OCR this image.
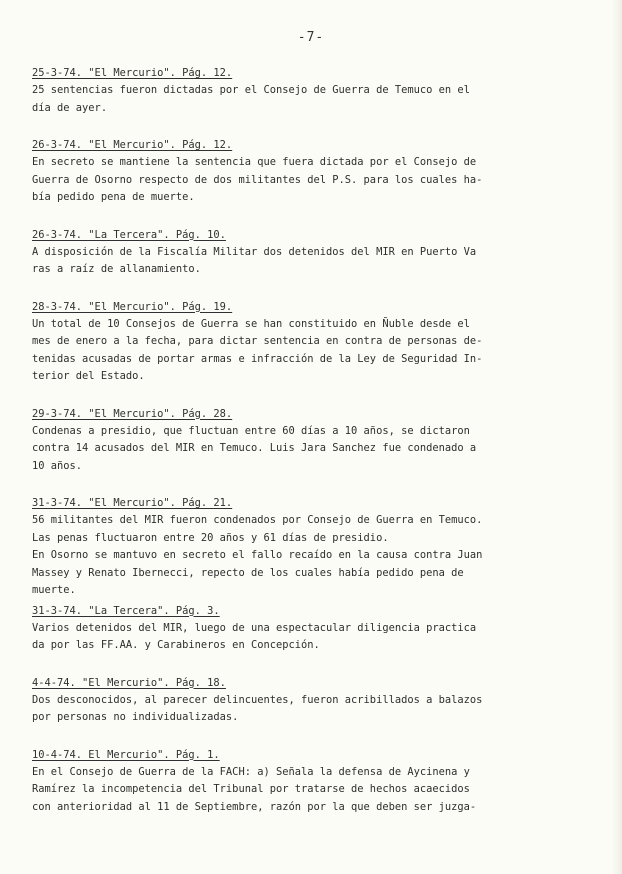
-7-
25-3-74. "El Mercurio". Pág. 12.
25 sentencias fueron dictadas por el Consejo de Guerra de Temuco en el
día de ayer.
26-3-74. "El Mercurio". Pág. 12.
En secreto se mantiene la sentencia que fuera dictada por el Consejo de
Guerra de Osorno respecto de dos militantes del P.S. para los cuales ha-
bía pedido pena de muerte.
26-3-74. "La Tercera". Pág. 10.
A disposición de la Fiscalía Militar dos detenidos del MIR en Puerto Va
ras a raíz de allanamiento.
28-3-74. "El Mercurio". Pág. 19.
Un total de 10 Consejos de Guerra se han constituido en Ñuble desde el
mes de enero a la fecha, para dictar sentencia en contra de personas de-
tenidas acusadas de portar armas e infracción de la Ley de Seguridad In-
terior del Estado.
29-3-74. "El Mercurio". Pág. 28.
Condenas a presidio, que fluctuan entre 60 días a 10 años, se dictaron
contra 14 acusados del MIR en Temuco. Luis Jara Sanchez fue condenado a
10 años.
31-3-74. "El Mercurio". Pág. 21.
56 militantes del MIR fueron condenados por Consejo de Guerra en Temuco.
Las penas fluctuaron entre 20 años y 61 días de presidio.
En Osorno se mantuvo en secreto el fallo recaído en la causa contra Juan
Massey y Renato Ibernecci, repecto de los cuales había pedido pena de
muerte.
31-3-74. "La Tercera". Pág. 3.
Varios detenidos del MIR, luego de una espectacular diligencia practica
da por las FF.AA. y Carabineros en Concepción.
4-4-74. "El Mercurio". Pág. 18.
Dos desconocidos, al parecer delincuentes, fueron acribillados a balazos
por personas no individualizadas.
10-4-74. El Mercurio". Pág. 1.
En el Consejo de Guerra de la FACH: a) Señala la defensa de Aycinena y
Ramírez la incompetencia del Tribunal por tratarse de hechos acaecidos
con anterioridad al 11 de Septiembre, razón por la que deben ser juzga-
